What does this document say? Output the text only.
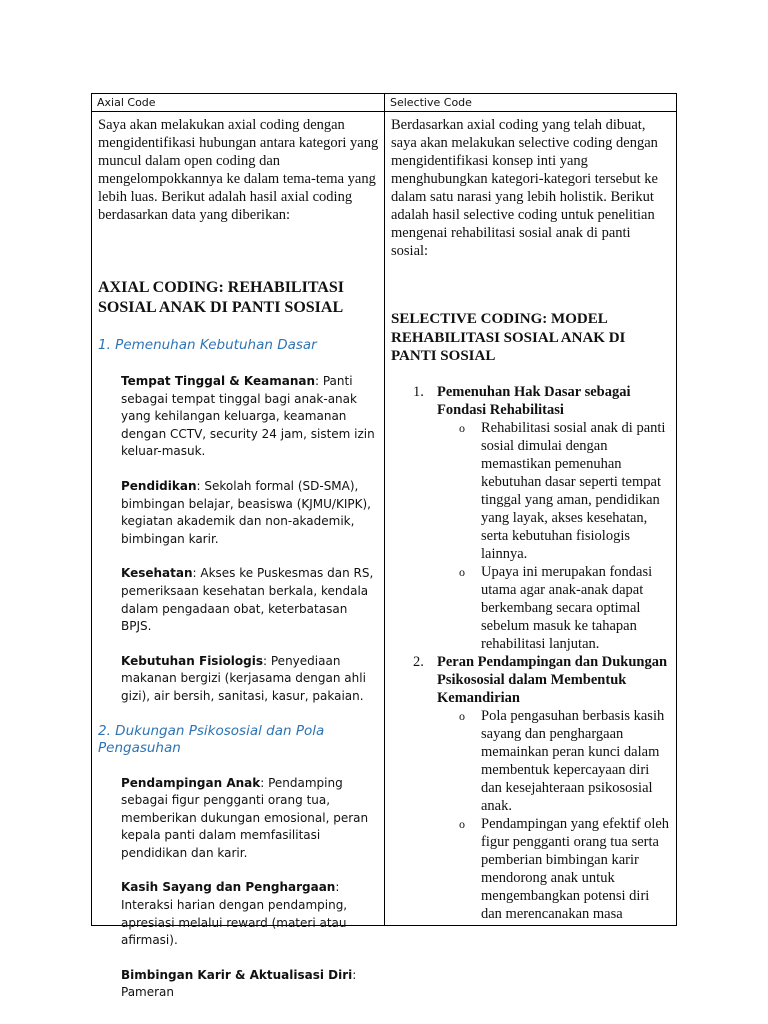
Axial Code

Saya akan melakukan axial coding dengan mengidentifikasi hubungan antara kategori yang muncul dalam open coding dan mengelompokkannya ke dalam tema-tema yang lebih luas. Berikut adalah hasil axial coding berdasarkan data yang diberikan:

AXIAL CODING: REHABILITASI SOSIAL ANAK DI PANTI SOSIAL

1. Pemenuhan Kebutuhan Dasar

Tempat Tinggal & Keamanan: Panti sebagai tempat tinggal bagi anak-anak yang kehilangan keluarga, keamanan dengan CCTV, security 24 jam, sistem izin keluar-masuk.

Pendidikan: Sekolah formal (SD-SMA), bimbingan belajar, beasiswa (KJMU/KIPK), kegiatan akademik dan non-akademik, bimbingan karir.

Kesehatan: Akses ke Puskesmas dan RS, pemeriksaan kesehatan berkala, kendala dalam pengadaan obat, keterbatasan BPJS.

Kebutuhan Fisiologis: Penyediaan makanan bergizi (kerjasama dengan ahli gizi), air bersih, sanitasi, kasur, pakaian.

2. Dukungan Psikososial dan Pola Pengasuhan

Pendampingan Anak: Pendamping sebagai figur pengganti orang tua, memberikan dukungan emosional, peran kepala panti dalam memfasilitasi pendidikan dan karir.

Kasih Sayang dan Penghargaan: Interaksi harian dengan pendamping, apresiasi melalui reward (materi atau afirmasi).

Bimbingan Karir & Aktualisasi Diri: Pameran

Selective Code

Berdasarkan axial coding yang telah dibuat, saya akan melakukan selective coding dengan mengidentifikasi konsep inti yang menghubungkan kategori-kategori tersebut ke dalam satu narasi yang lebih holistik. Berikut adalah hasil selective coding untuk penelitian mengenai rehabilitasi sosial anak di panti sosial:

SELECTIVE CODING: MODEL REHABILITASI SOSIAL ANAK DI PANTI SOSIAL

1. Pemenuhan Hak Dasar sebagai Fondasi Rehabilitasi
o Rehabilitasi sosial anak di panti sosial dimulai dengan memastikan pemenuhan kebutuhan dasar seperti tempat tinggal yang aman, pendidikan yang layak, akses kesehatan, serta kebutuhan fisiologis lainnya.
o Upaya ini merupakan fondasi utama agar anak-anak dapat berkembang secara optimal sebelum masuk ke tahapan rehabilitasi lanjutan.
2. Peran Pendampingan dan Dukungan Psikososial dalam Membentuk Kemandirian
o Pola pengasuhan berbasis kasih sayang dan penghargaan memainkan peran kunci dalam membentuk kepercayaan diri dan kesejahteraan psikososial anak.
o Pendampingan yang efektif oleh figur pengganti orang tua serta pemberian bimbingan karir mendorong anak untuk mengembangkan potensi diri dan merencanakan masa
